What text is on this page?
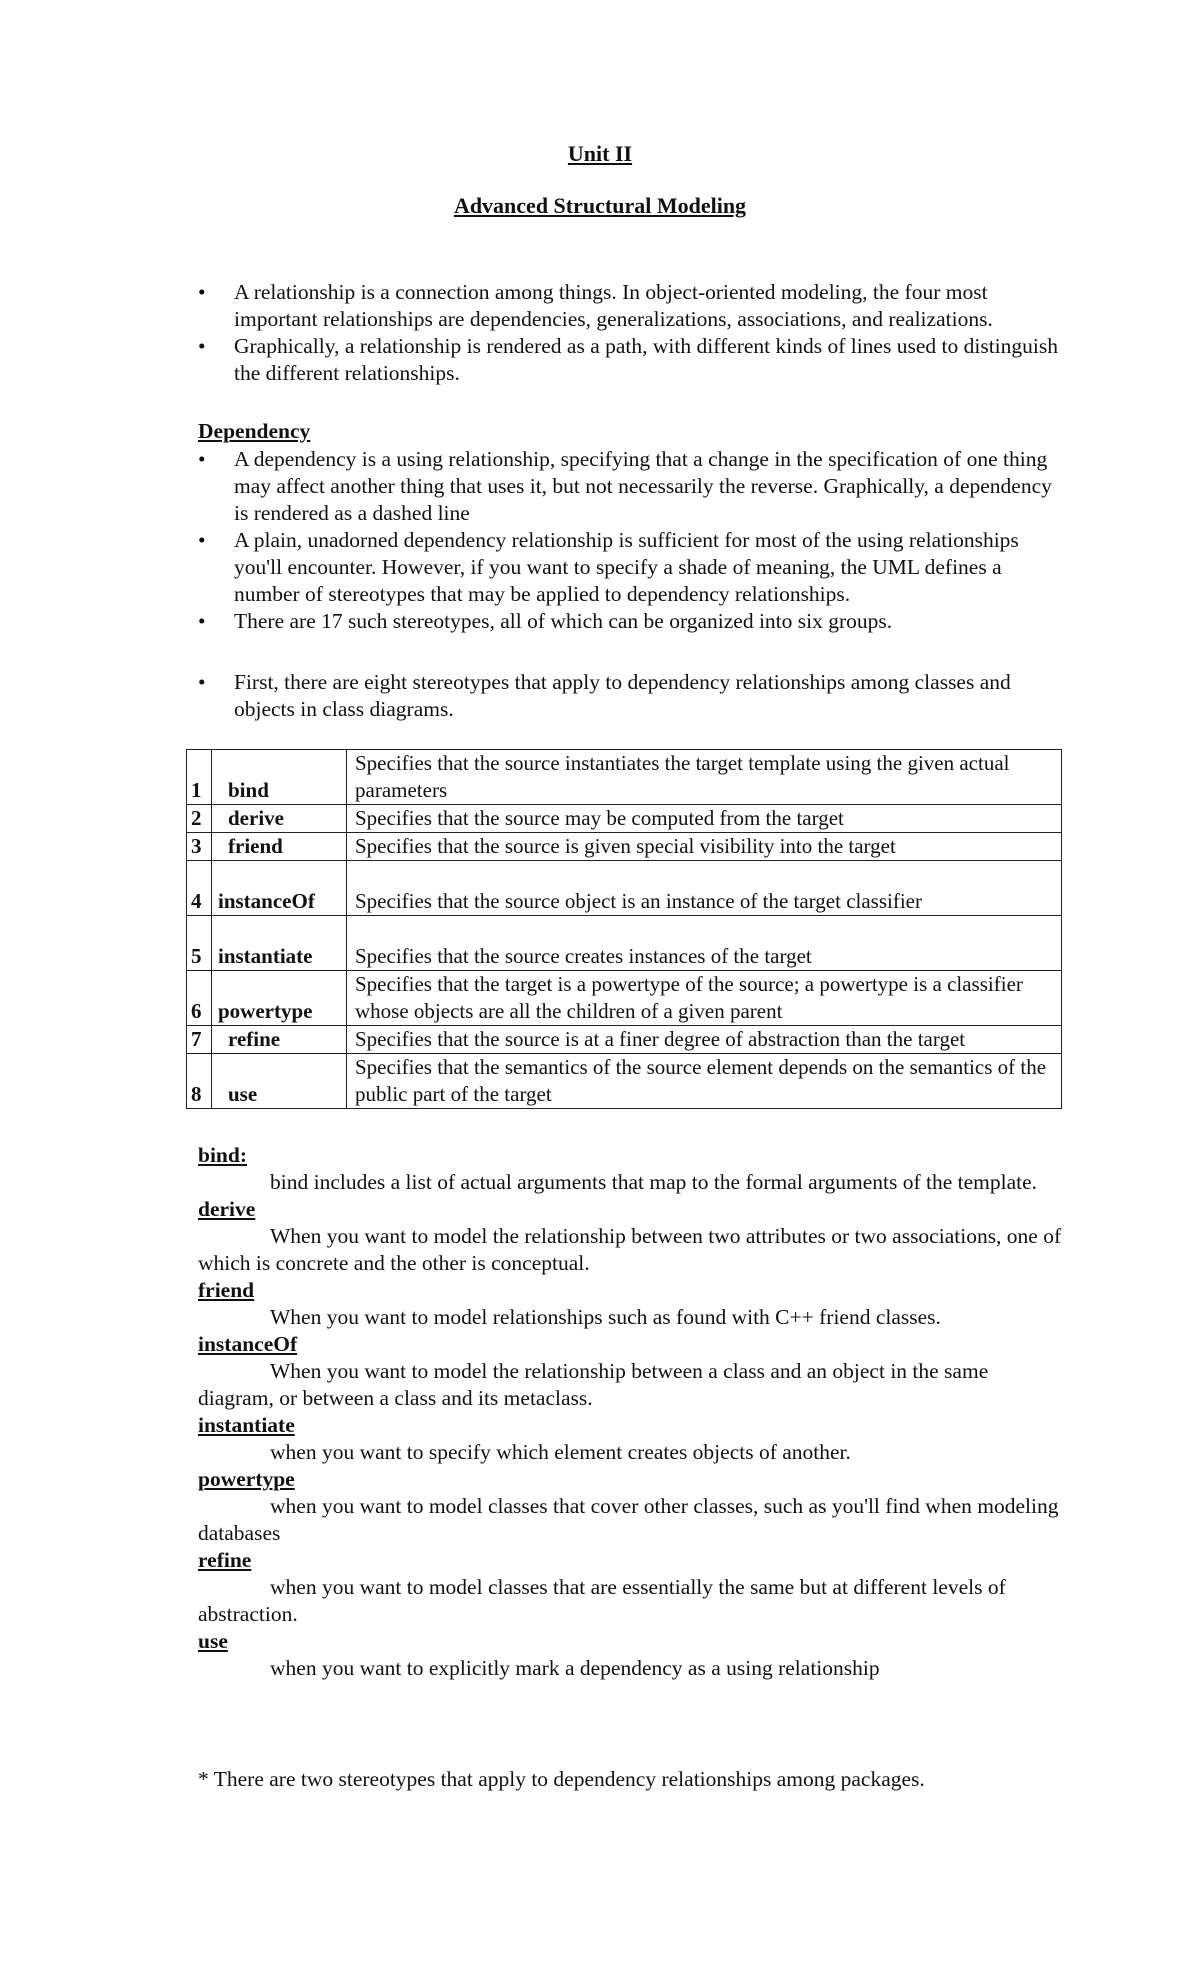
Unit II
Advanced Structural Modeling
• A relationship is a connection among things. In object-oriented modeling, the four most important relationships are dependencies, generalizations, associations, and realizations.
• Graphically, a relationship is rendered as a path, with different kinds of lines used to distinguish the different relationships.
Dependency
• A dependency is a using relationship, specifying that a change in the specification of one thing may affect another thing that uses it, but not necessarily the reverse. Graphically, a dependency is rendered as a dashed line
• A plain, unadorned dependency relationship is sufficient for most of the using relationships you'll encounter. However, if you want to specify a shade of meaning, the UML defines a number of stereotypes that may be applied to dependency relationships.
• There are 17 such stereotypes, all of which can be organized into six groups.
• First, there are eight stereotypes that apply to dependency relationships among classes and objects in class diagrams.
1	bind	Specifies that the source instantiates the target template using the given actual parameters
2	derive	Specifies that the source may be computed from the target
3	friend	Specifies that the source is given special visibility into the target
4	instanceOf	Specifies that the source object is an instance of the target classifier
5	instantiate	Specifies that the source creates instances of the target
6	powertype	Specifies that the target is a powertype of the source; a powertype is a classifier whose objects are all the children of a given parent
7	refine	Specifies that the source is at a finer degree of abstraction than the target
8	use	Specifies that the semantics of the source element depends on the semantics of the public part of the target
bind:
bind includes a list of actual arguments that map to the formal arguments of the template.
derive
When you want to model the relationship between two attributes or two associations, one of which is concrete and the other is conceptual.
friend
When you want to model relationships such as found with C++ friend classes.
instanceOf
When you want to model the relationship between a class and an object in the same diagram, or between a class and its metaclass.
instantiate
when you want to specify which element creates objects of another.
powertype
when you want to model classes that cover other classes, such as you'll find when modeling databases
refine
when you want to model classes that are essentially the same but at different levels of abstraction.
use
when you want to explicitly mark a dependency as a using relationship
* There are two stereotypes that apply to dependency relationships among packages.
